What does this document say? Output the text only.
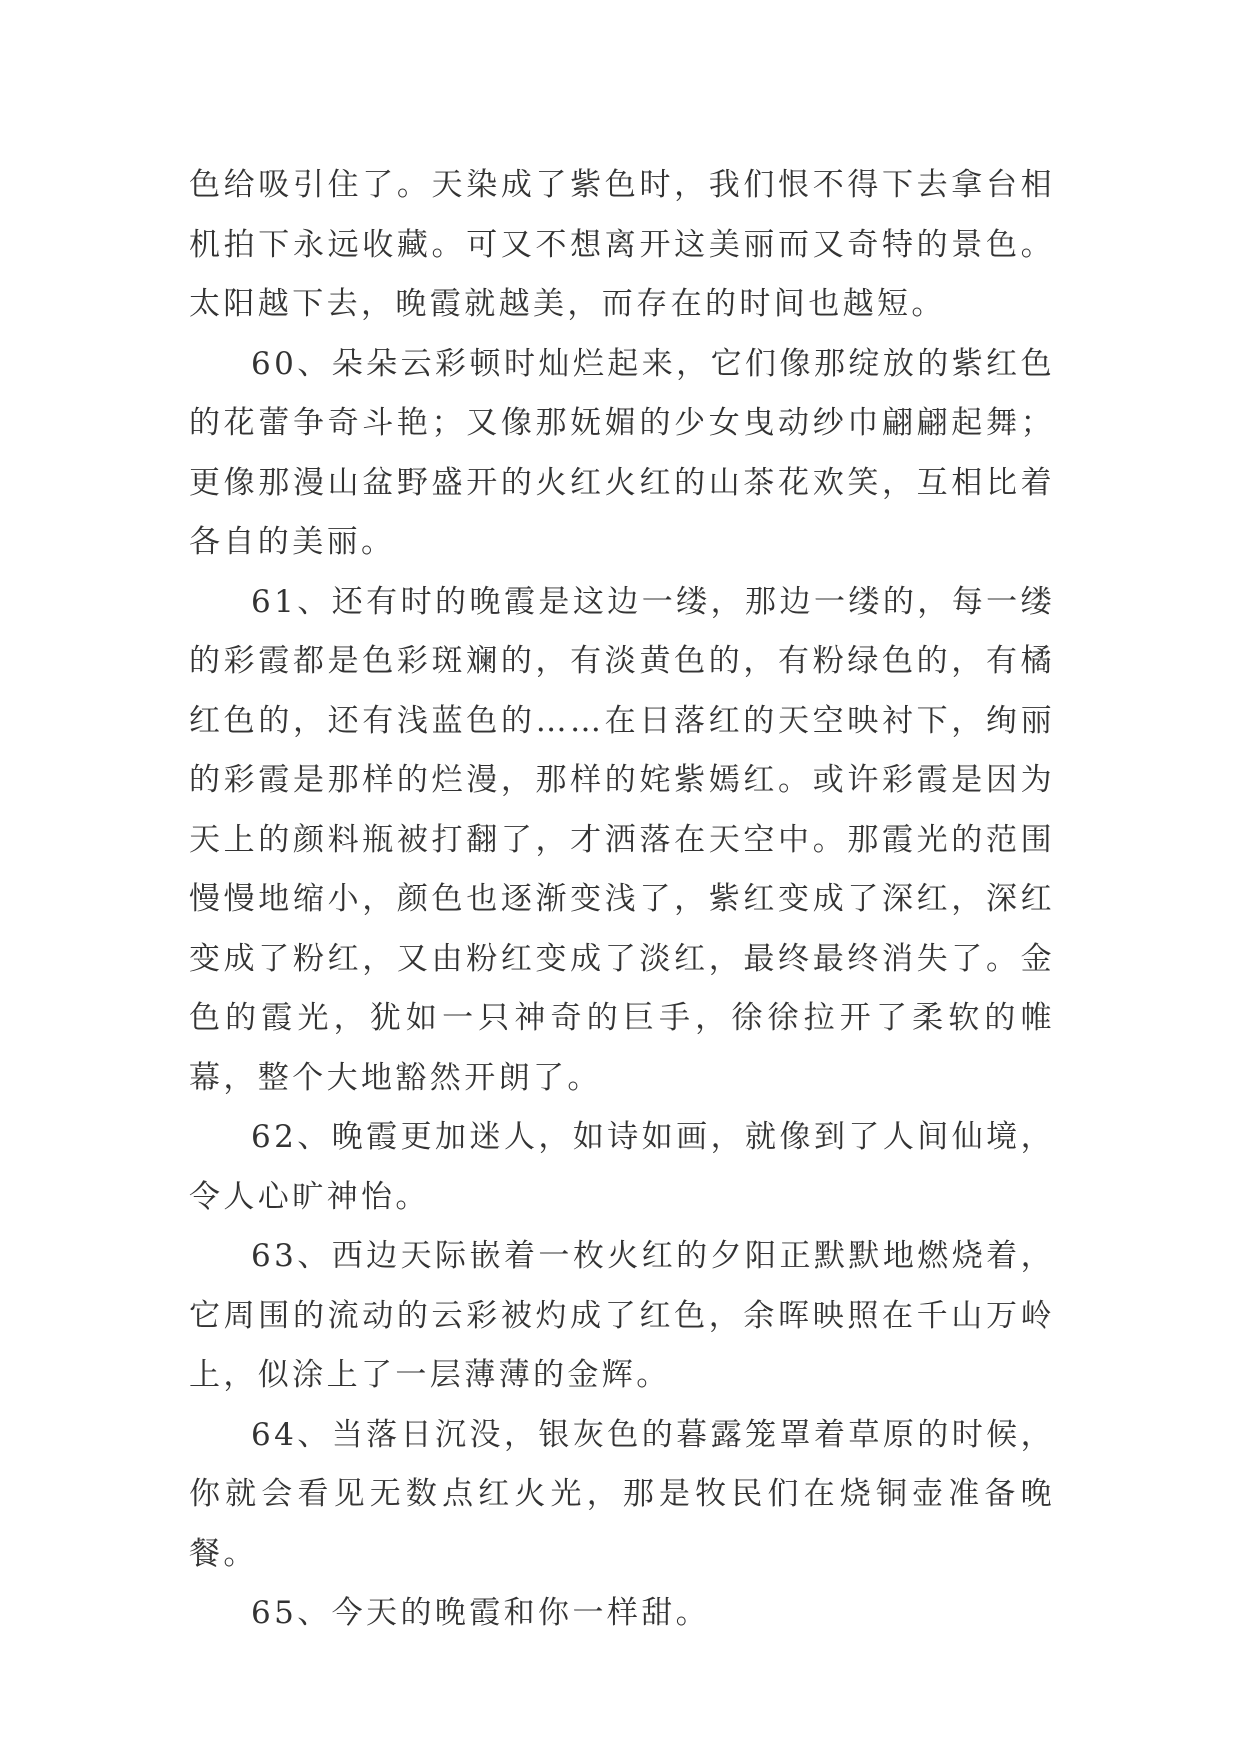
色给吸引住了。天染成了紫色时，我们恨不得下去拿台相机拍下永远收藏。可又不想离开这美丽而又奇特的景色。太阳越下去，晚霞就越美，而存在的时间也越短。

60、朵朵云彩顿时灿烂起来，它们像那绽放的紫红色的花蕾争奇斗艳；又像那妩媚的少女曳动纱巾翩翩起舞；更像那漫山盆野盛开的火红火红的山茶花欢笑，互相比着各自的美丽。

61、还有时的晚霞是这边一缕，那边一缕的，每一缕的彩霞都是色彩斑斓的，有淡黄色的，有粉绿色的，有橘红色的，还有浅蓝色的……在日落红的天空映衬下，绚丽的彩霞是那样的烂漫，那样的姹紫嫣红。或许彩霞是因为天上的颜料瓶被打翻了，才洒落在天空中。那霞光的范围慢慢地缩小，颜色也逐渐变浅了，紫红变成了深红，深红变成了粉红，又由粉红变成了淡红，最终最终消失了。金色的霞光，犹如一只神奇的巨手，徐徐拉开了柔软的帷幕，整个大地豁然开朗了。

62、晚霞更加迷人，如诗如画，就像到了人间仙境，令人心旷神怡。

63、西边天际嵌着一枚火红的夕阳正默默地燃烧着，它周围的流动的云彩被灼成了红色，余晖映照在千山万岭上，似涂上了一层薄薄的金辉。

64、当落日沉没，银灰色的暮露笼罩着草原的时候，你就会看见无数点红火光，那是牧民们在烧铜壶准备晚餐。

65、今天的晚霞和你一样甜。
